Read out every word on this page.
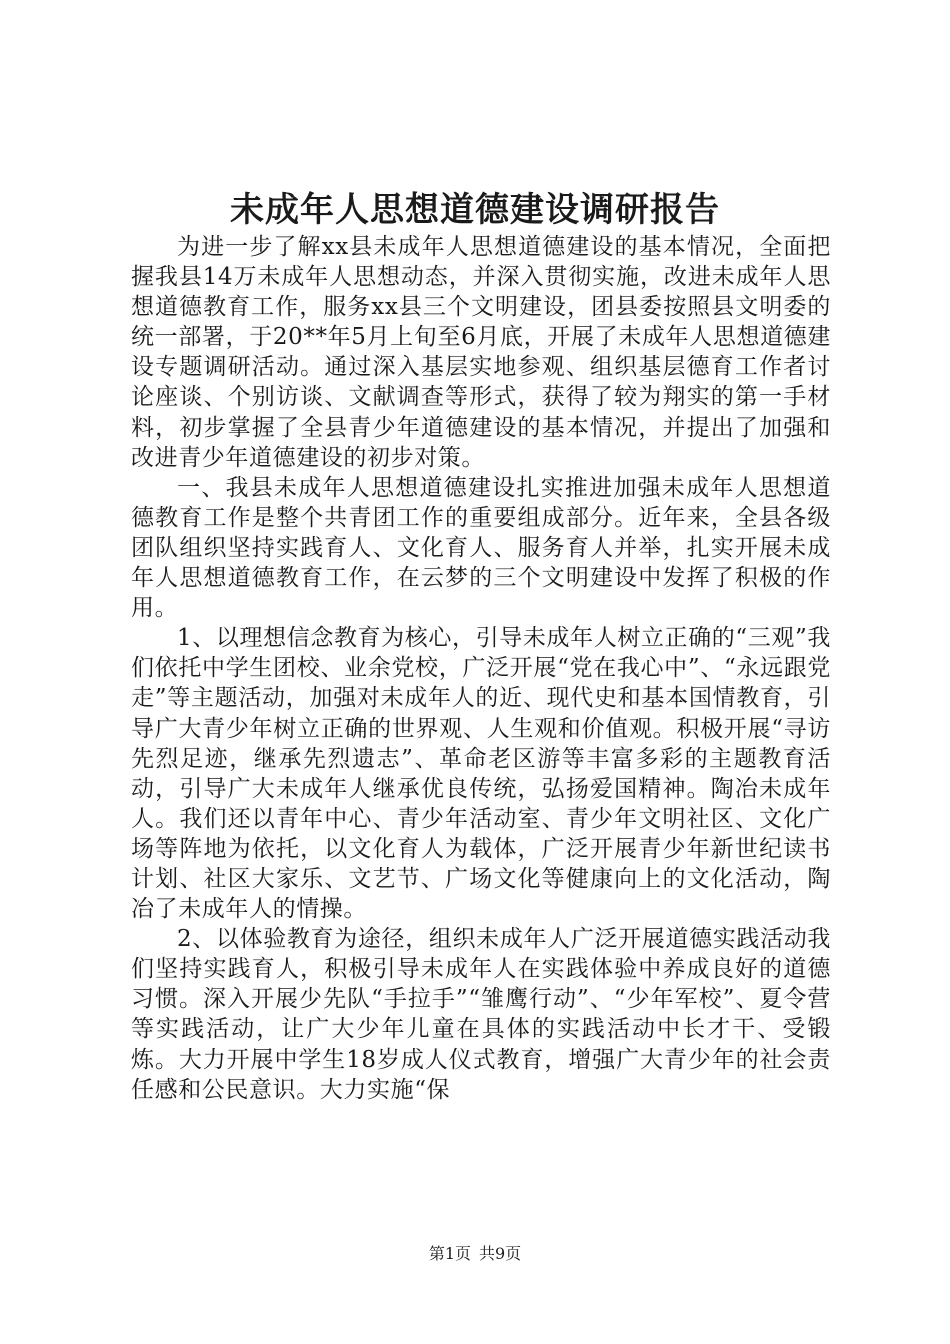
未成年人思想道德建设调研报告

为进一步了解xx县未成年人思想道德建设的基本情况，全面把握我县14万未成年人思想动态，并深入贯彻实施，改进未成年人思想道德教育工作，服务xx县三个文明建设，团县委按照县文明委的统一部署，于20**年5月上旬至6月底，开展了未成年人思想道德建设专题调研活动。通过深入基层实地参观、组织基层德育工作者讨论座谈、个别访谈、文献调查等形式，获得了较为翔实的第一手材料，初步掌握了全县青少年道德建设的基本情况，并提出了加强和改进青少年道德建设的初步对策。

一、我县未成年人思想道德建设扎实推进加强未成年人思想道德教育工作是整个共青团工作的重要组成部分。近年来，全县各级团队组织坚持实践育人、文化育人、服务育人并举，扎实开展未成年人思想道德教育工作，在云梦的三个文明建设中发挥了积极的作用。

1、以理想信念教育为核心，引导未成年人树立正确的“三观”我们依托中学生团校、业余党校，广泛开展“党在我心中”、“永远跟党走”等主题活动，加强对未成年人的近、现代史和基本国情教育，引导广大青少年树立正确的世界观、人生观和价值观。积极开展“寻访先烈足迹，继承先烈遗志”、革命老区游等丰富多彩的主题教育活动，引导广大未成年人继承优良传统，弘扬爱国精神。陶冶未成年人。我们还以青年中心、青少年活动室、青少年文明社区、文化广场等阵地为依托，以文化育人为载体，广泛开展青少年新世纪读书计划、社区大家乐、文艺节、广场文化等健康向上的文化活动，陶冶了未成年人的情操。

2、以体验教育为途径，组织未成年人广泛开展道德实践活动我们坚持实践育人，积极引导未成年人在实践体验中养成良好的道德习惯。深入开展少先队“手拉手”“雏鹰行动”、“少年军校”、夏令营等实践活动，让广大少年儿童在具体的实践活动中长才干、受锻炼。大力开展中学生18岁成人仪式教育，增强广大青少年的社会责任感和公民意识。大力实施“保

第1页 共9页
